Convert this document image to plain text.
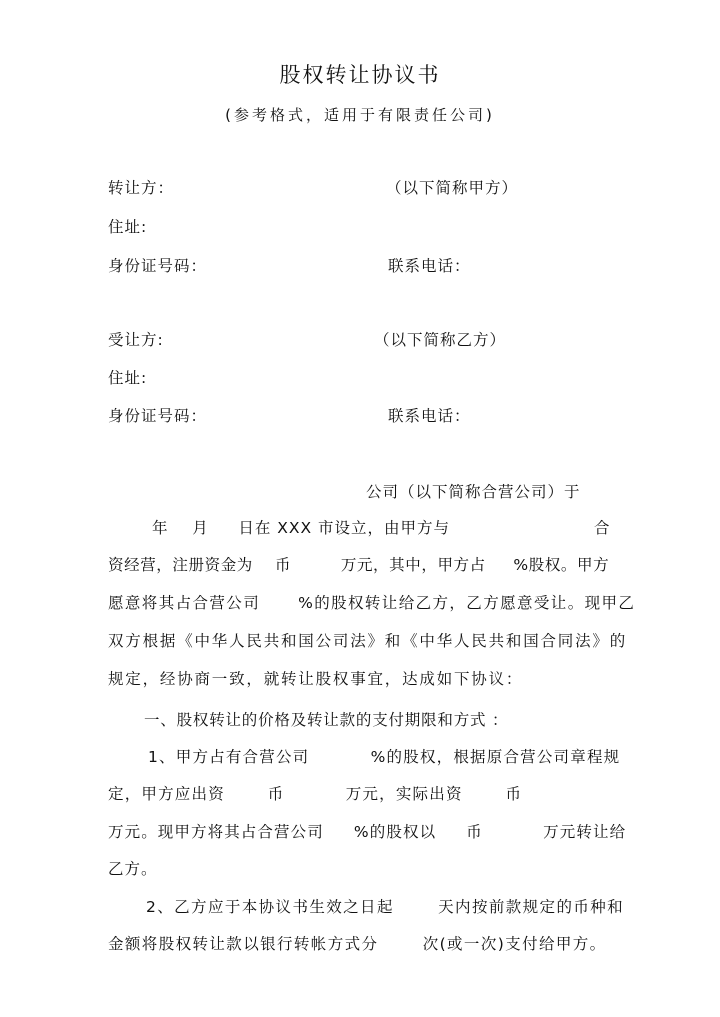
股权转让协议书
(参考格式，适用于有限责任公司)
转让方：	（以下简称甲方）
住址:
身份证号码：	联系电话：
受让方:	（以下简称乙方）
住址:
身份证号码：	联系电话：
公司（以下简称合营公司）于
年    月     日在 XXX 市设立，由甲方与	合
资经营，注册资金为    币         万元，其中，甲方占     %股权。甲方
愿意将其占合营公司      %的股权转让给乙方，乙方愿意受让。现甲乙
双方根据《中华人民共和国公司法》和《中华人民共和国合同法》的
规定，经协商一致，就转让股权事宜，达成如下协议：
一、股权转让的价格及转让款的支付期限和方式 ：
1、甲方占有合营公司          %的股权，根据原合营公司章程规
定，甲方应出资       币          万元，实际出资       币
万元。现甲方将其占合营公司     %的股权以     币          万元转让给
乙方。
2、乙方应于本协议书生效之日起       天内按前款规定的币种和
金额将股权转让款以银行转帐方式分       次(或一次)支付给甲方。
